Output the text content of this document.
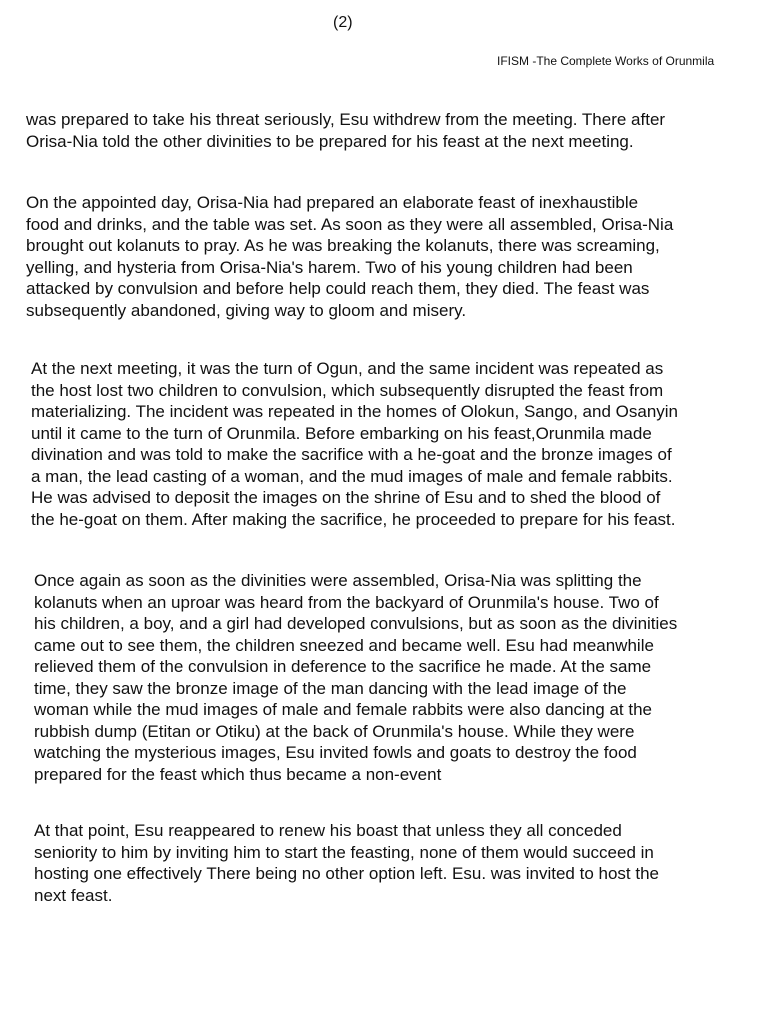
(2)
IFISM -The Complete Works of Orunmila

was prepared to take his threat seriously, Esu withdrew from the meeting. There after
Orisa-Nia told the other divinities to be prepared for his feast at the next meeting.

On the appointed day, Orisa-Nia had prepared an elaborate feast of inexhaustible
food and drinks, and the table was set. As soon as they were all assembled, Orisa-Nia
brought out kolanuts to pray. As he was breaking the kolanuts, there was screaming,
yelling, and hysteria from Orisa-Nia's harem. Two of his young children had been
attacked by convulsion and before help could reach them, they died. The feast was
subsequently abandoned, giving way to gloom and misery.

At the next meeting, it was the turn of Ogun, and the same incident was repeated as
the host lost two children to convulsion, which subsequently disrupted the feast from
materializing. The incident was repeated in the homes of Olokun, Sango, and Osanyin
until it came to the turn of Orunmila. Before embarking on his feast,Orunmila made
divination and was told to make the sacrifice with a he-goat and the bronze images of
a man, the lead casting of a woman, and the mud images of male and female rabbits.
He was advised to deposit the images on the shrine of Esu and to shed the blood of
the he-goat on them. After making the sacrifice, he proceeded to prepare for his feast.

Once again as soon as the divinities were assembled, Orisa-Nia was splitting the
kolanuts when an uproar was heard from the backyard of Orunmila's house. Two of
his children, a boy, and a girl had developed convulsions, but as soon as the divinities
came out to see them, the children sneezed and became well. Esu had meanwhile
relieved them of the convulsion in deference to the sacrifice he made. At the same
time, they saw the bronze image of the man dancing with the lead image of the
woman while the mud images of male and female rabbits were also dancing at the
rubbish dump (Etitan or Otiku) at the back of Orunmila's house. While they were
watching the mysterious images, Esu invited fowls and goats to destroy the food
prepared for the feast which thus became a non-event

At that point, Esu reappeared to renew his boast that unless they all conceded
seniority to him by inviting him to start the feasting, none of them would succeed in
hosting one effectively There being no other option left. Esu. was invited to host the
next feast.
